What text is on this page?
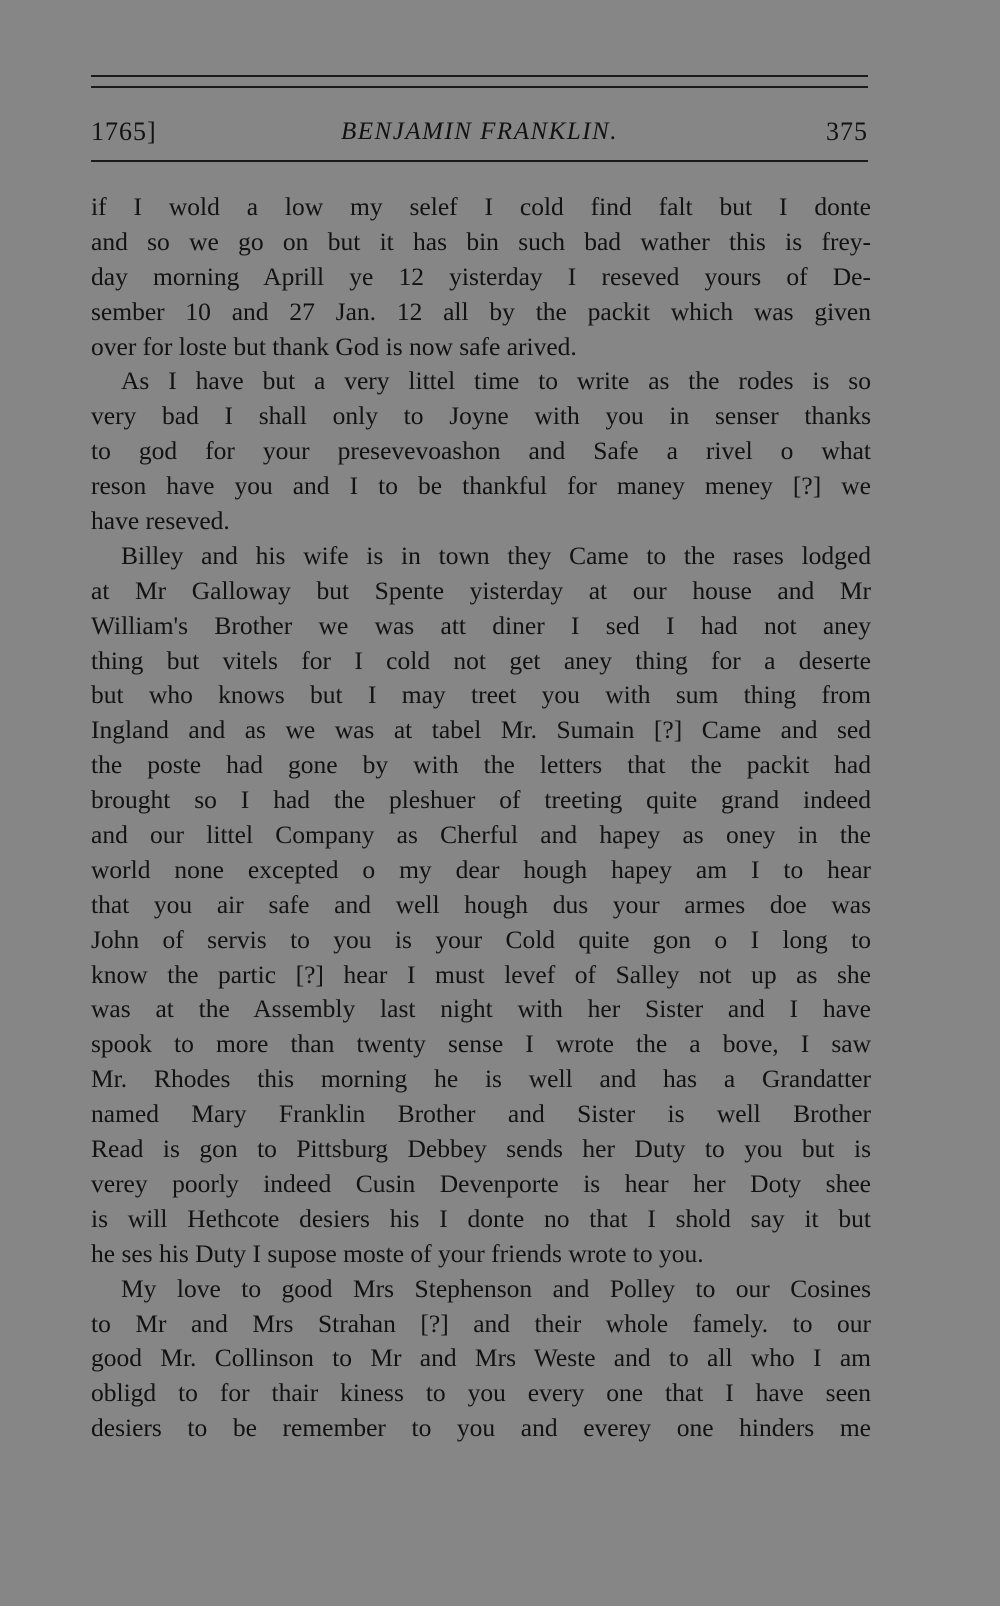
1765]	BENJAMIN FRANKLIN.	375
if I wold a low my selef I cold find falt but I donte
and so we go on but it has bin such bad wather this is frey-
day morning Aprill ye 12 yisterday I reseved yours of De-
sember 10 and 27 Jan. 12 all by the packit which was given
over for loste but thank God is now safe arived.
As I have but a very littel time to write as the rodes is so
very bad I shall only to Joyne with you in senser thanks
to god for your presevevoashon and Safe a rivel o what
reson have you and I to be thankful for maney meney [?] we
have reseved.
Billey and his wife is in town they Came to the rases lodged
at Mr Galloway but Spente yisterday at our house and Mr
William's Brother we was att diner I sed I had not aney
thing but vitels for I cold not get aney thing for a deserte
but who knows but I may treet you with sum thing from
Ingland and as we was at tabel Mr. Sumain [?] Came and sed
the poste had gone by with the letters that the packit had
brought so I had the pleshuer of treeting quite grand indeed
and our littel Company as Cherful and hapey as oney in the
world none excepted o my dear hough hapey am I to hear
that you air safe and well hough dus your armes doe was
John of servis to you is your Cold quite gon o I long to
know the partic [?] hear I must levef of Salley not up as she
was at the Assembly last night with her Sister and I have
spook to more than twenty sense I wrote the a bove, I saw
Mr. Rhodes this morning he is well and has a Grandatter
named Mary Franklin Brother and Sister is well Brother
Read is gon to Pittsburg Debbey sends her Duty to you but is
verey poorly indeed Cusin Devenporte is hear her Doty shee
is will Hethcote desiers his I donte no that I shold say it but
he ses his Duty I supose moste of your friends wrote to you.
My love to good Mrs Stephenson and Polley to our Cosines
to Mr and Mrs Strahan [?] and their whole famely. to our
good Mr. Collinson to Mr and Mrs Weste and to all who I am
obligd to for thair kiness to you every one that I have seen
desiers to be remember to you and everey one hinders me
